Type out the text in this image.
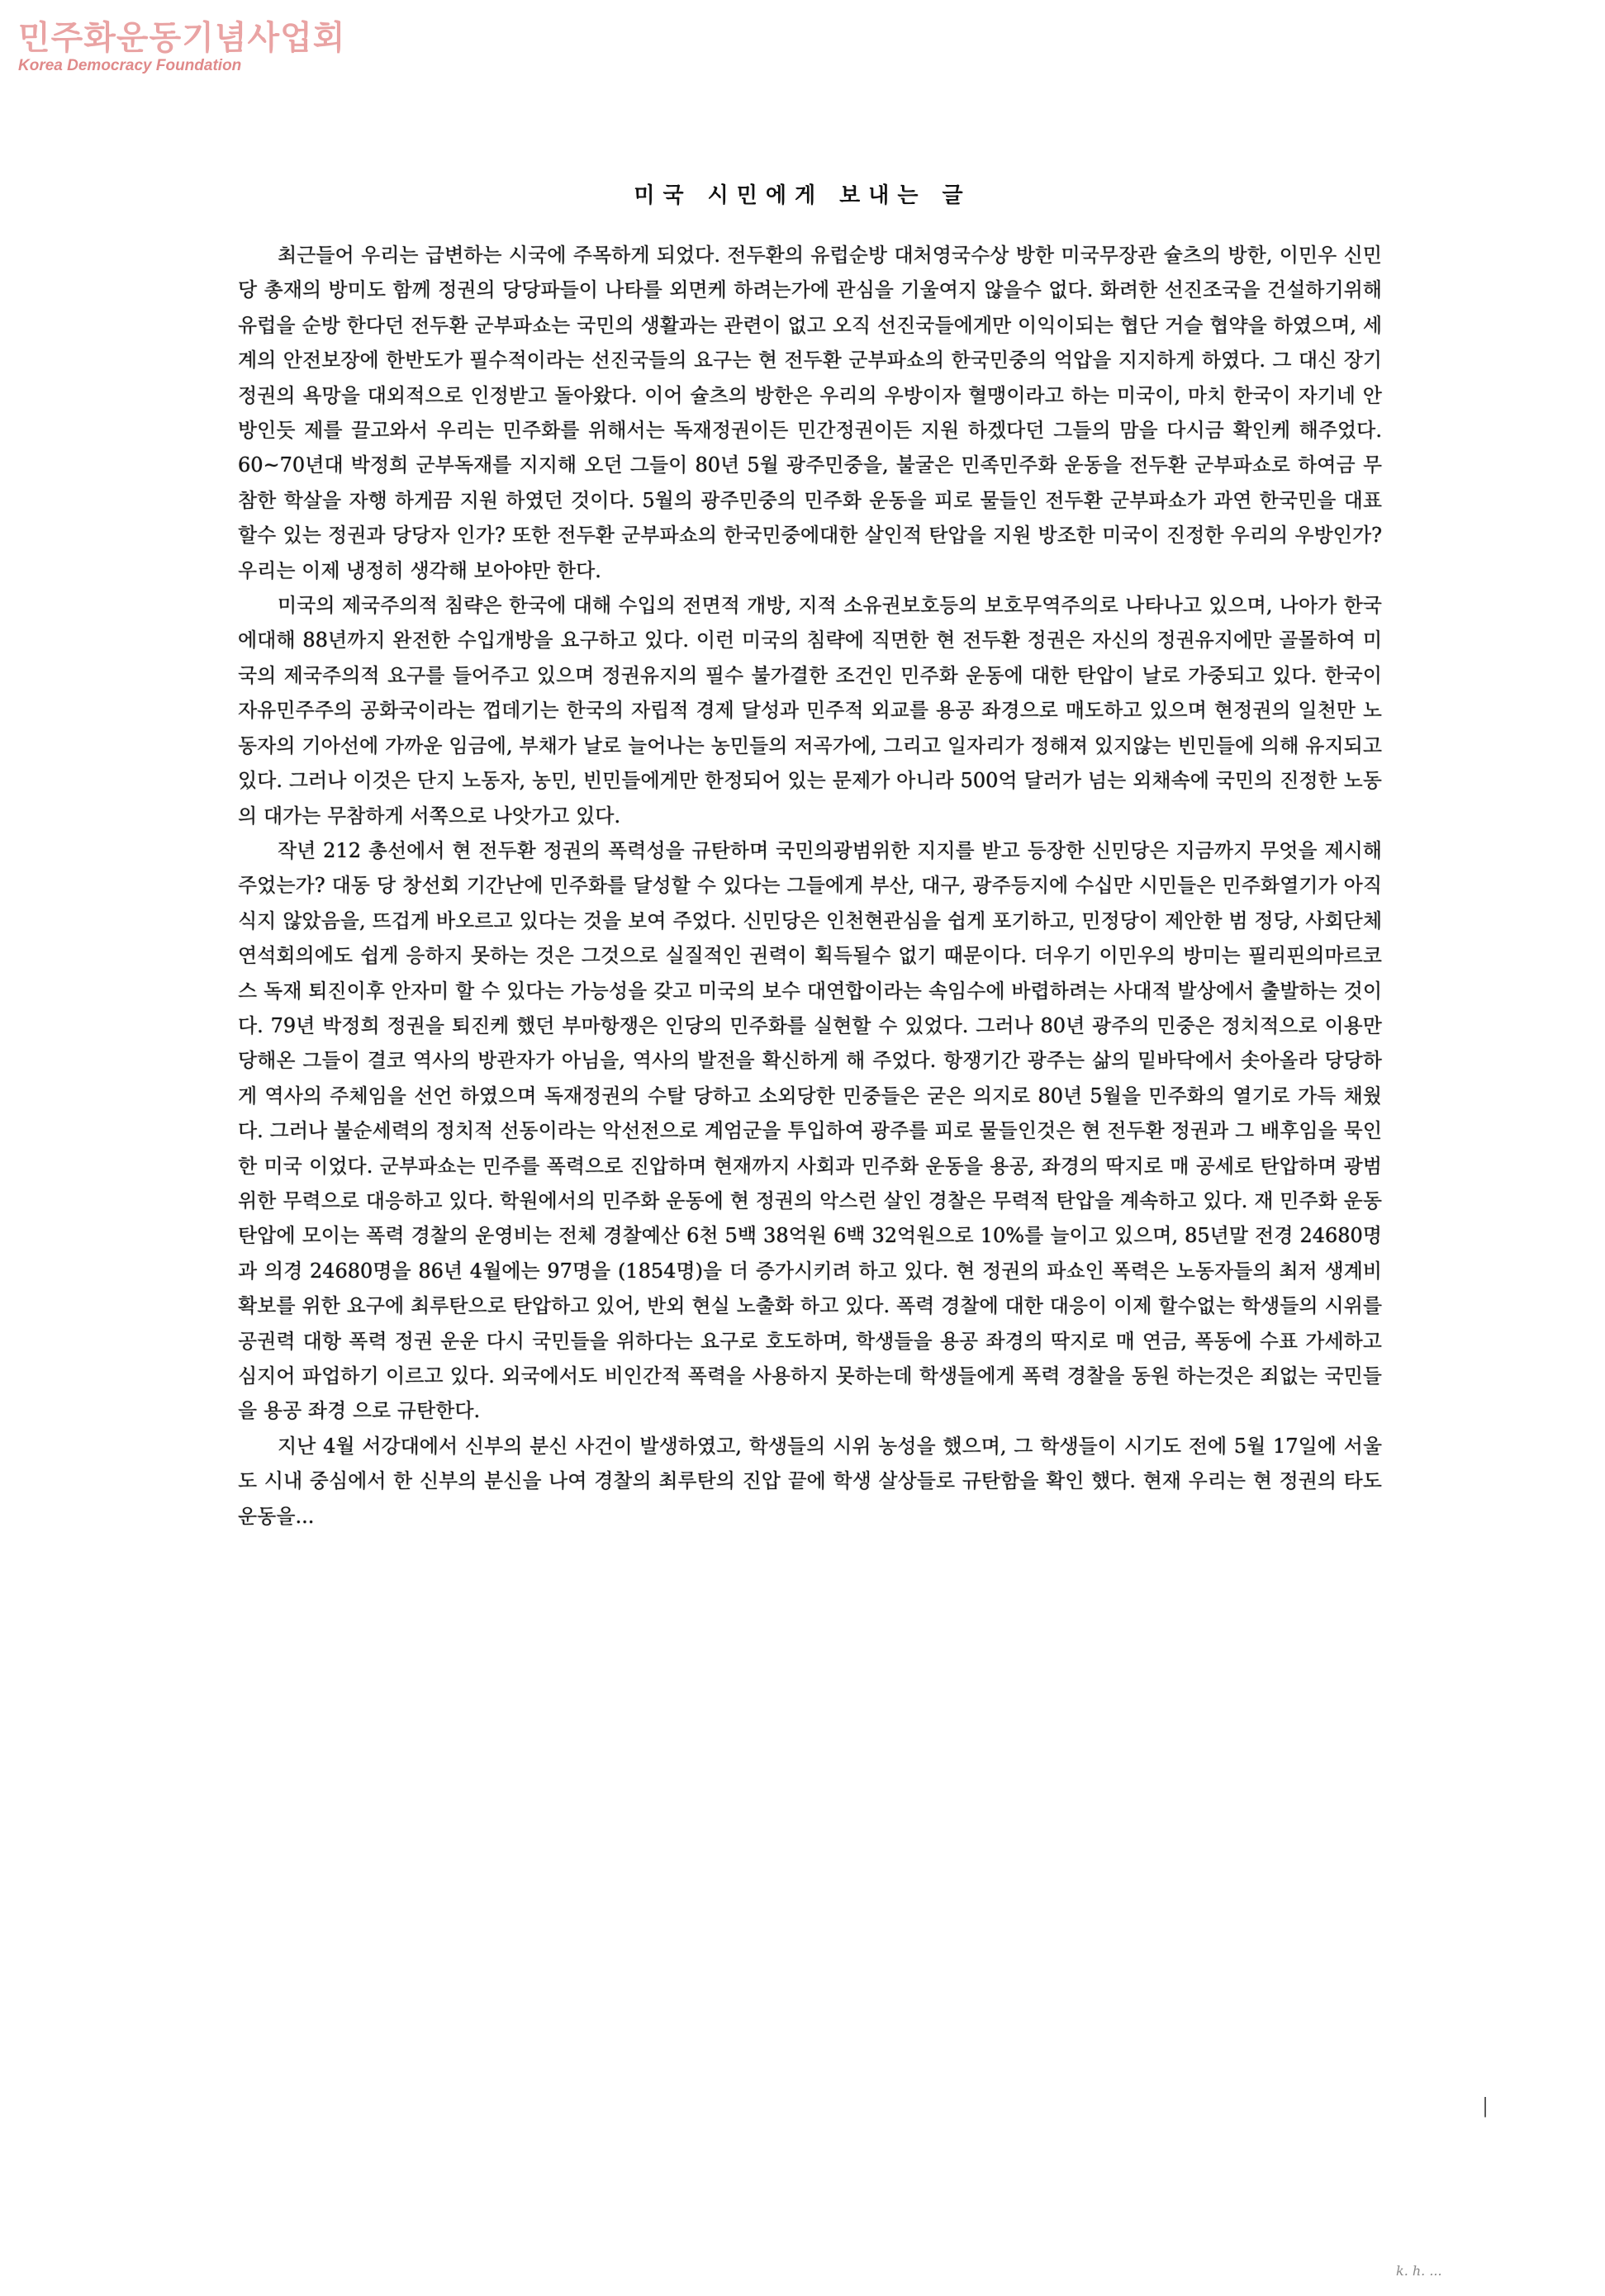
민주화운동기념사업회
Korea Democracy Foundation
미국 시민에게 보내는 글

최근들어 우리는 급변하는 시국에 주목하게 되었다. 전두환의 유럽순방 대처영국수상 방한 미국무장관 슐츠의 방한, 이민우 신민당 총재의 방미도 함께 정권의 당당파들이 나타를 외면케 하려는가에 관심을 기울여지 않을수 없다. 화려한 선진조국을 건설하기위해 유럽을 순방 한다던 전두환 군부파쇼는 국민의 생활과는 관련이 없고 오직 선진국들에게만 이익이되는 협단 거슬 협약을 하였으며, 세계의 안전보장에 한반도가 필수적이라는 선진국들의 요구는 현 전두환 군부파쇼의 한국민중의 억압을 지지하게 하였다. 그 대신 장기정권의 욕망을 대외적으로 인정받고 돌아왔다. 이어 슐츠의 방한은 우리의 우방이자 혈맹이라고 하는 미국이, 마치 한국이 자기네 안방인듯 제를 끌고와서 우리는 민주화를 위해서는 독재정권이든 민간정권이든 지원 하겠다던 그들의 맘을 다시금 확인케 해주었다. 60~70년대 박정희 군부독재를 지지해 오던 그들이 80년 5월 광주민중을, 불굴은 민족민주화 운동을 전두환 군부파쇼로 하여금 무참한 학살을 자행 하게끔 지원 하였던 것이다. 5월의 광주민중의 민주화 운동을 피로 물들인 전두환 군부파쇼가 과연 한국민을 대표 할수 있는 정권과 당당자 인가? 또한 전두환 군부파쇼의 한국민중에대한 살인적 탄압을 지원 방조한 미국이 진정한 우리의 우방인가? 우리는 이제 냉정히 생각해 보아야만 한다.

미국의 제국주의적 침략은 한국에 대해 수입의 전면적 개방, 지적 소유권보호등의 보호무역주의로 나타나고 있으며, 나아가 한국에대해 88년까지 완전한 수입개방을 요구하고 있다. 이런 미국의 침략에 직면한 현 전두환 정권은 자신의 정권유지에만 골몰하여 미국의 제국주의적 요구를 들어주고 있으며 정권유지의 필수 불가결한 조건인 민주화 운동에 대한 탄압이 날로 가중되고 있다. 한국이 자유민주주의 공화국이라는 껍데기는 한국의 자립적 경제 달성과 민주적 외교를 용공 좌경으로 매도하고 있으며 현정권의 일천만 노동자의 기아선에 가까운 임금에, 부채가 날로 늘어나는 농민들의 저곡가에, 그리고 일자리가 정해져 있지않는 빈민들에 의해 유지되고 있다. 그러나 이것은 단지 노동자, 농민, 빈민들에게만 한정되어 있는 문제가 아니라 500억 달러가 넘는 외채속에 국민의 진정한 노동의 대가는 무참하게 서쪽으로 나앗가고 있다.

작년 212 총선에서 현 전두환 정권의 폭력성을 규탄하며 국민의광범위한 지지를 받고 등장한 신민당은 지금까지 무엇을 제시해주었는가? 대동 당 창선회 기간난에 민주화를 달성할 수 있다는 그들에게 부산, 대구, 광주등지에 수십만 시민들은 민주화열기가 아직 식지 않았음을, 뜨겁게 바오르고 있다는 것을 보여 주었다. 신민당은 인천현관심을 쉽게 포기하고, 민정당이 제안한 범 정당, 사회단체 연석회의에도 쉽게 응하지 못하는 것은 그것으로 실질적인 권력이 획득될수 없기 때문이다. 더우기 이민우의 방미는 필리핀의마르코스 독재 퇴진이후 안자미 할 수 있다는 가능성을 갖고 미국의 보수 대연합이라는 속임수에 바렵하려는 사대적 발상에서 출발하는 것이다. 79년 박정희 정권을 퇴진케 했던 부마항쟁은 인당의 민주화를 실현할 수 있었다. 그러나 80년 광주의 민중은 정치적으로 이용만 당해온 그들이 결코 역사의 방관자가 아님을, 역사의 발전을 확신하게 해 주었다. 항쟁기간 광주는 삶의 밑바닥에서 솟아올라 당당하게 역사의 주체임을 선언 하였으며 독재정권의 수탈 당하고 소외당한 민중들은 굳은 의지로 80년 5월을 민주화의 열기로 가득 채웠다. 그러나 불순세력의 정치적 선동이라는 악선전으로 계엄군을 투입하여 광주를 피로 물들인것은 현 전두환 정권과 그 배후임을 묵인한 미국 이었다. 군부파쇼는 민주를 폭력으로 진압하며 현재까지 사회과 민주화 운동을 용공, 좌경의 딱지로 매 공세로 탄압하며 광범위한 무력으로 대응하고 있다. 학원에서의 민주화 운동에 현 정권의 악스런 살인 경찰은 무력적 탄압을 계속하고 있다. 재 민주화 운동탄압에 모이는 폭력 경찰의 운영비는 전체 경찰예산 6천 5백 38억원 6백 32억원으로 10%를 늘이고 있으며, 85년말 전경 24680명과 의경 24680명을 86년 4월에는 97명을 (1854명)을 더 증가시키려 하고 있다. 현 정권의 파쇼인 폭력은 노동자들의 최저 생계비 확보를 위한 요구에 최루탄으로 탄압하고 있어, 반외 현실 노출화 하고 있다. 폭력 경찰에 대한 대응이 이제 할수없는 학생들의 시위를 공권력 대항 폭력 정권 운운 다시 국민들을 위하다는 요구로 호도하며, 학생들을 용공 좌경의 딱지로 매 연금, 폭동에 수표 가세하고 심지어 파업하기 이르고 있다. 외국에서도 비인간적 폭력을 사용하지 못하는데 학생들에게 폭력 경찰을 동원 하는것은 죄없는 국민들을 용공 좌경 으로 규탄한다.

지난 4월 서강대에서 신부의 분신 사건이 발생하였고, 학생들의 시위 농성을 했으며, 그 학생들이 시기도 전에 5월 17일에 서울도 시내 중심에서 한 신부의 분신을 나여 경찰의 최루탄의 진압 끝에 학생 살상들로 규탄함을 확인 했다. 현재 우리는 현 정권의 타도 운동을...

|
k. h. ...
